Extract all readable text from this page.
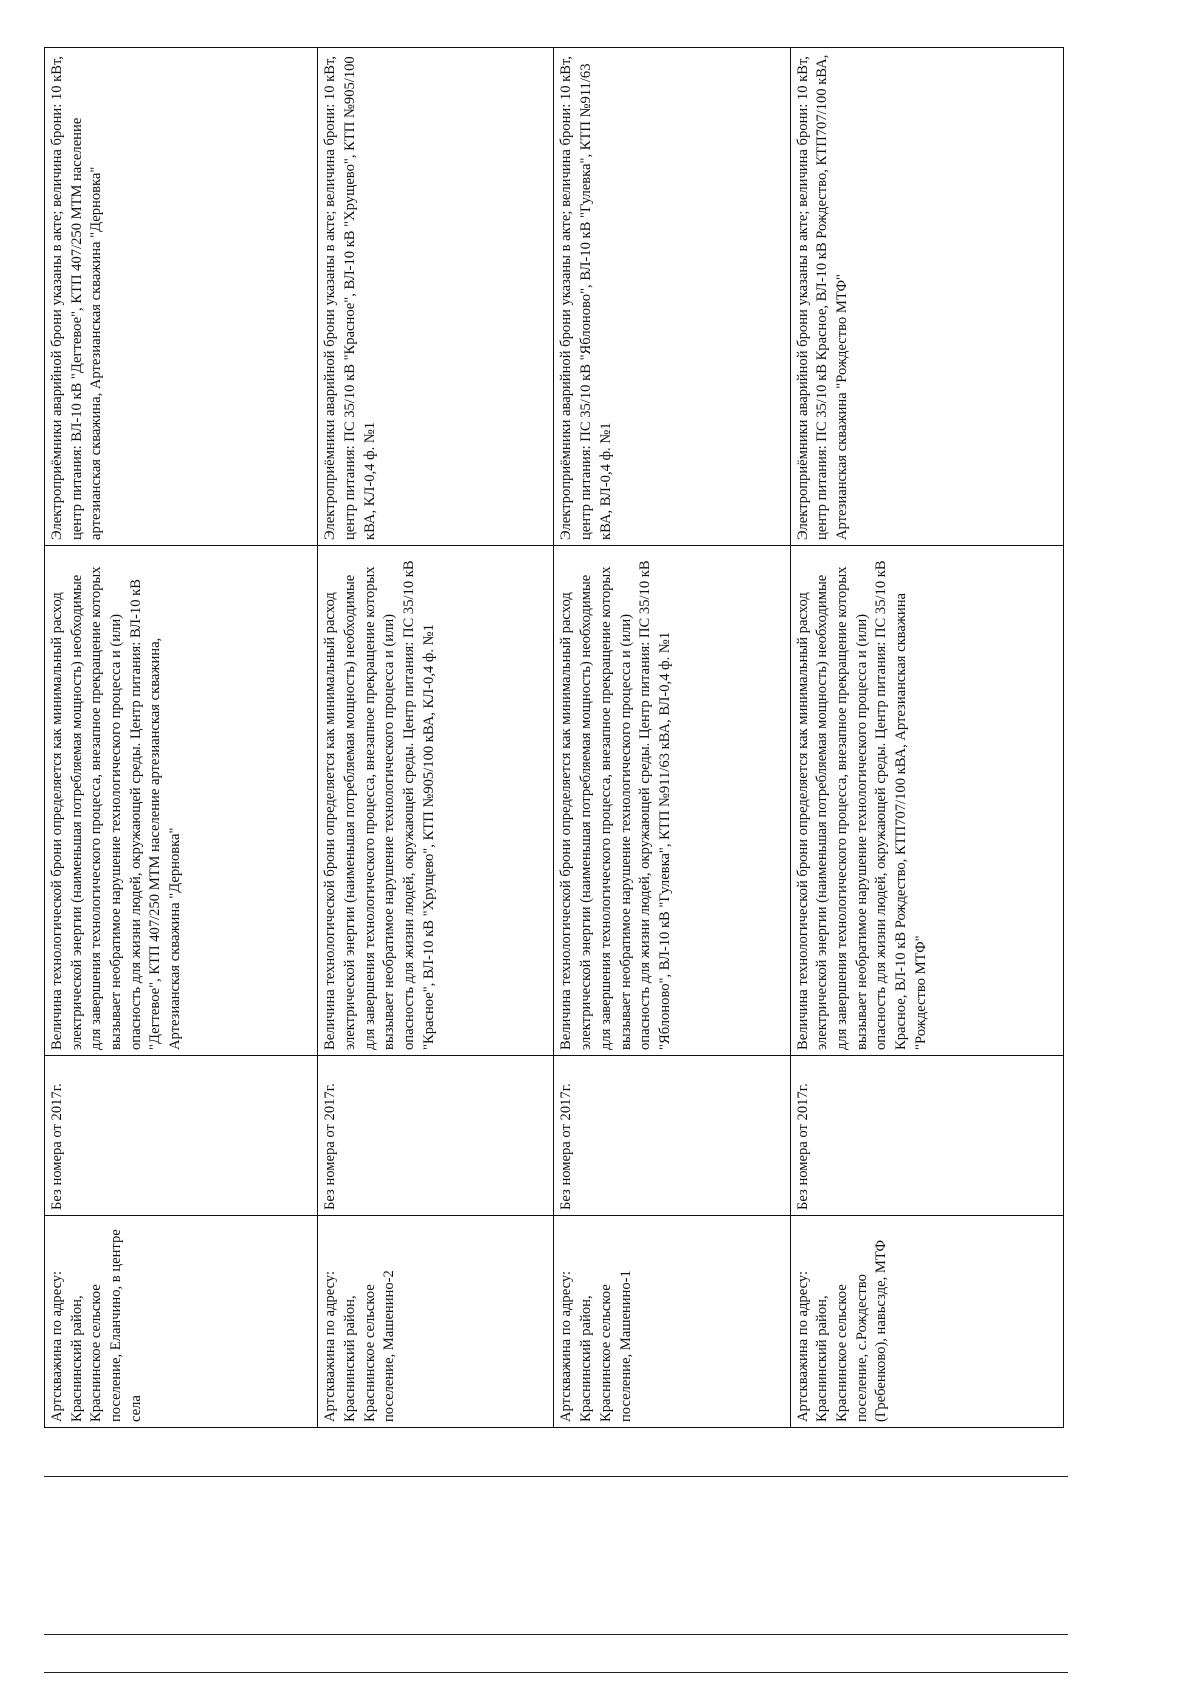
Артскважина по адресу: Краснинский район, Краснинское сельское поселение, Еланчино, в центре села	Без номера от 2017г.	Величина технологической брони определяется как минимальный расход электрической энергии (наименьшая потребляемая мощность) необходимые для завершения технологического процесса, внезапное прекращение которых вызывает необратимое нарушение технологического процесса и (или) опасность для жизни людей, окружающей среды. Центр питания: ВЛ-10 кВ "Дегтевое", КТП 407/250 МТМ население артезианская скважина, Артезианская скважина "Дерновка"	Электроприёмники аварийной брони указаны в акте; величина брони: 10 кВт, центр питания: ВЛ-10 кВ "Дегтевое", КТП 407/250 МТМ население артезианская скважина, Артезианская скважина "Дерновка"
Артскважина по адресу: Краснинский район, Краснинское сельское поселение, Машенино-2	Без номера от 2017г.	Величина технологической брони определяется как минимальный расход электрической энергии (наименьшая потребляемая мощность) необходимые для завершения технологического процесса, внезапное прекращение которых вызывает необратимое нарушение технологического процесса и (или) опасность для жизни людей, окружающей среды. Центр питания: ПС 35/10 кВ "Красное", ВЛ-10 кВ "Хрущево", КТП №905/100 кВА, КЛ-0,4 ф. №1	Электроприёмники аварийной брони указаны в акте; величина брони: 10 кВт, центр питания: ПС 35/10 кВ "Красное", ВЛ-10 кВ "Хрущево", КТП №905/100 кВА, КЛ-0,4 ф. №1
Артскважина по адресу: Краснинский район, Краснинское сельское поселение, Машенино-1	Без номера от 2017г.	Величина технологической брони определяется как минимальный расход электрической энергии (наименьшая потребляемая мощность) необходимые для завершения технологического процесса, внезапное прекращение которых вызывает необратимое нарушение технологического процесса и (или) опасность для жизни людей, окружающей среды. Центр питания: ПС 35/10 кВ "Яблоново", ВЛ-10 кВ "Гулевка", КТП №911/63 кВА, ВЛ-0,4 ф. №1	Электроприёмники аварийной брони указаны в акте; величина брони: 10 кВт, центр питания: ПС 35/10 кВ "Яблоново", ВЛ-10 кВ "Гулевка", КТП №911/63 кВА, ВЛ-0,4 ф. №1
Артскважина по адресу: Краснинский район, Краснинское сельское поселение, с.Рождество (Гребенково), навьсзде, МТФ	Без номера от 2017г.	Величина технологической брони определяется как минимальный расход электрической энергии (наименьшая потребляемая мощность) необходимые для завершения технологического процесса, внезапное прекращение которых вызывает необратимое нарушение технологического процесса и (или) опасность для жизни людей, окружающей среды. Центр питания: ПС 35/10 кВ Красное, ВЛ-10 кВ Рождество, КТП707/100 кВА, Артезианская скважина "Рождество МТФ"	Электроприёмники аварийной брони указаны в акте; величина брони: 10 кВт, центр питания: ПС 35/10 кВ Красное, ВЛ-10 кВ Рождество, КТП707/100 кВА, Артезианская скважина "Рождество МТФ"
